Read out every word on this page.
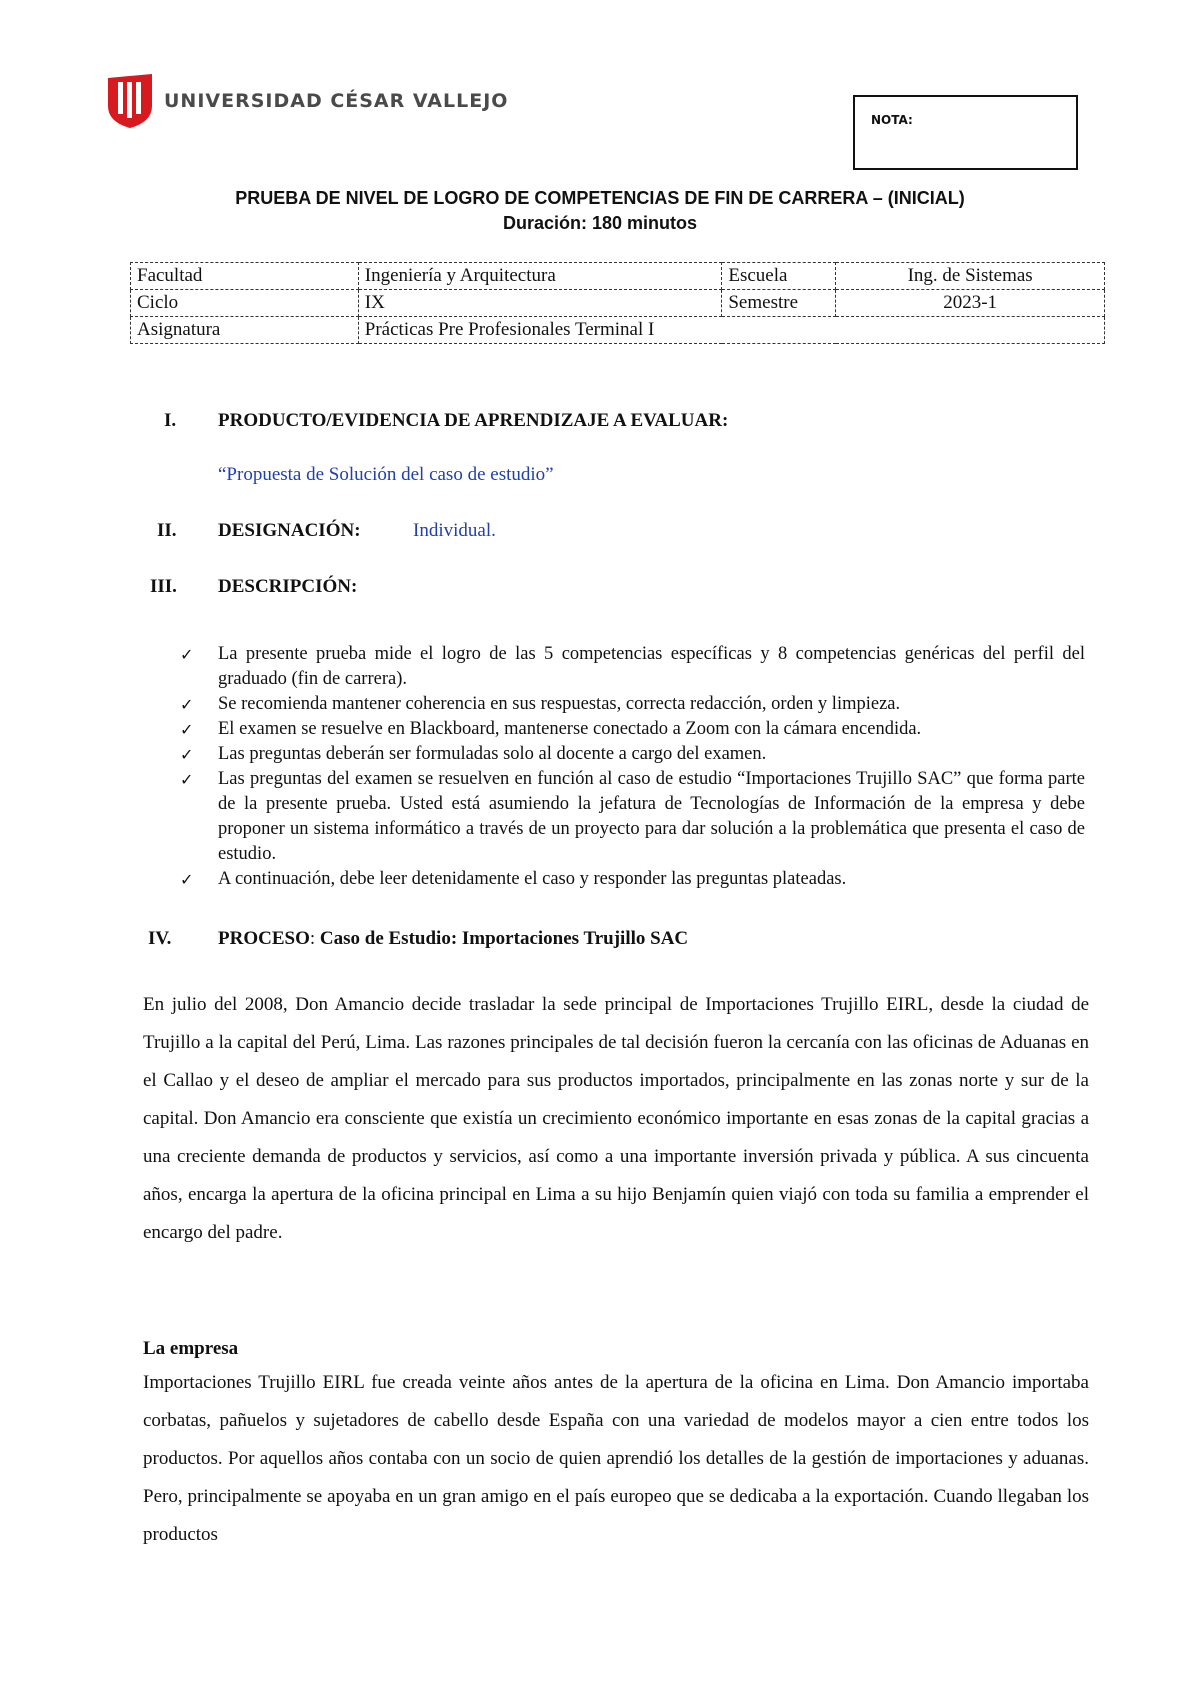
UNIVERSIDAD CÉSAR VALLEJO
NOTA:
PRUEBA DE NIVEL DE LOGRO DE COMPETENCIAS DE FIN DE CARRERA – (INICIAL)
Duración: 180 minutos
Facultad	Ingeniería y Arquitectura	Escuela	Ing. de Sistemas
Ciclo	IX	Semestre	2023-1
Asignatura	Prácticas Pre Profesionales Terminal I		
I. PRODUCTO/EVIDENCIA DE APRENDIZAJE A EVALUAR:
“Propuesta de Solución del caso de estudio”
II. DESIGNACIÓN:	Individual.
III. DESCRIPCIÓN:
✓ La presente prueba mide el logro de las 5 competencias específicas y 8 competencias genéricas del perfil del graduado (fin de carrera).
✓ Se recomienda mantener coherencia en sus respuestas, correcta redacción, orden y limpieza.
✓ El examen se resuelve en Blackboard, mantenerse conectado a Zoom con la cámara encendida.
✓ Las preguntas deberán ser formuladas solo al docente a cargo del examen.
✓ Las preguntas del examen se resuelven en función al caso de estudio “Importaciones Trujillo SAC” que forma parte de la presente prueba. Usted está asumiendo la jefatura de Tecnologías de Información de la empresa y debe proponer un sistema informático a través de un proyecto para dar solución a la problemática que presenta el caso de estudio.
✓ A continuación, debe leer detenidamente el caso y responder las preguntas plateadas.
IV. PROCESO: Caso de Estudio: Importaciones Trujillo SAC
En julio del 2008, Don Amancio decide trasladar la sede principal de Importaciones Trujillo EIRL, desde la ciudad de Trujillo a la capital del Perú, Lima. Las razones principales de tal decisión fueron la cercanía con las oficinas de Aduanas en el Callao y el deseo de ampliar el mercado para sus productos importados, principalmente en las zonas norte y sur de la capital. Don Amancio era consciente que existía un crecimiento económico importante en esas zonas de la capital gracias a una creciente demanda de productos y servicios, así como a una importante inversión privada y pública. A sus cincuenta años, encarga la apertura de la oficina principal en Lima a su hijo Benjamín quien viajó con toda su familia a emprender el encargo del padre.
La empresa
Importaciones Trujillo EIRL fue creada veinte años antes de la apertura de la oficina en Lima. Don Amancio importaba corbatas, pañuelos y sujetadores de cabello desde España con una variedad de modelos mayor a cien entre todos los productos. Por aquellos años contaba con un socio de quien aprendió los detalles de la gestión de importaciones y aduanas. Pero, principalmente se apoyaba en un gran amigo en el país europeo que se dedicaba a la exportación. Cuando llegaban los productos
